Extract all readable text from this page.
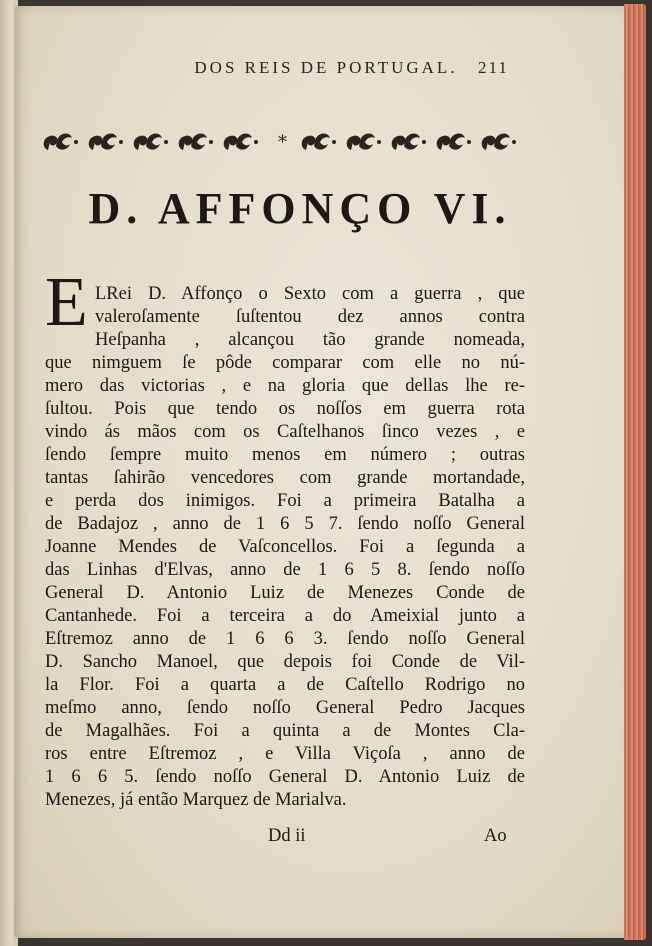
DOS REIS DE PORTUGAL.	211
*
D. AFFONÇO VI.
E LRei D. Affonço o Sexto com a guerra , que
valeroſamente ſuſtentou dez annos contra
Heſpanha , alcançou tão grande nomeada,
que nimguem ſe pôde comparar com elle no nú-
mero das victorias , e na gloria que dellas lhe re-
ſultou. Pois que tendo os noſſos em guerra rota
vindo ás mãos com os Caſtelhanos ſinco vezes , e
ſendo ſempre muito menos em número ; outras
tantas ſahirão vencedores com grande mortandade,
e perda dos inimigos. Foi a primeira Batalha a
de Badajoz , anno de 1 6 5 7. ſendo noſſo General
Joanne Mendes de Vaſconcellos. Foi a ſegunda a
das Linhas d'Elvas, anno de 1 6 5 8. ſendo noſſo
General D. Antonio Luiz de Menezes Conde de
Cantanhede. Foi a terceira a do Ameixial junto a
Eſtremoz anno de 1 6 6 3. ſendo noſſo General
D. Sancho Manoel, que depois foi Conde de Vil-
la Flor. Foi a quarta a de Caſtello Rodrigo no
meſmo anno, ſendo noſſo General Pedro Jacques
de Magalhães. Foi a quinta a de Montes Cla-
ros entre Eſtremoz , e Villa Viçoſa , anno de
1 6 6 5. ſendo noſſo General D. Antonio Luiz de
Menezes, já então Marquez de Marialva.
Dd ii	Ao
